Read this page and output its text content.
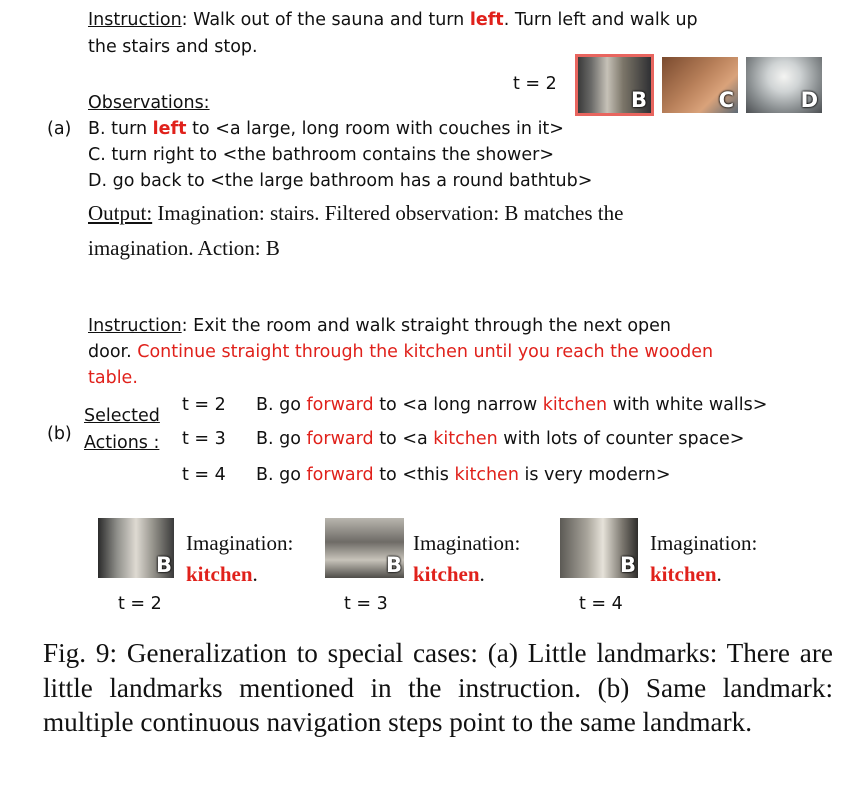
Instruction: Walk out of the sauna and turn left. Turn left and walk up
the stairs and stop.
t = 2
B	C	D
Observations:
(a) B. turn left to <a large, long room with couches in it>
C. turn right to <the bathroom contains the shower>
D. go back to <the large bathroom has a round bathtub>
Output: Imagination: stairs. Filtered observation: B matches the
imagination. Action: B
Instruction: Exit the room and walk straight through the next open
door. Continue straight through the kitchen until you reach the wooden
table.
(b)
Selected
Actions :
t = 2 B. go forward to <a long narrow kitchen with white walls>
t = 3 B. go forward to <a kitchen with lots of counter space>
t = 4 B. go forward to <this kitchen is very modern>
B
Imagination:
kitchen.
t = 2
B
Imagination:
kitchen.
t = 3
B
Imagination:
kitchen.
t = 4
Fig. 9: Generalization to special cases: (a) Little landmarks: There are little landmarks mentioned in the instruction. (b) Same landmark: multiple continuous navigation steps point to the same landmark.
